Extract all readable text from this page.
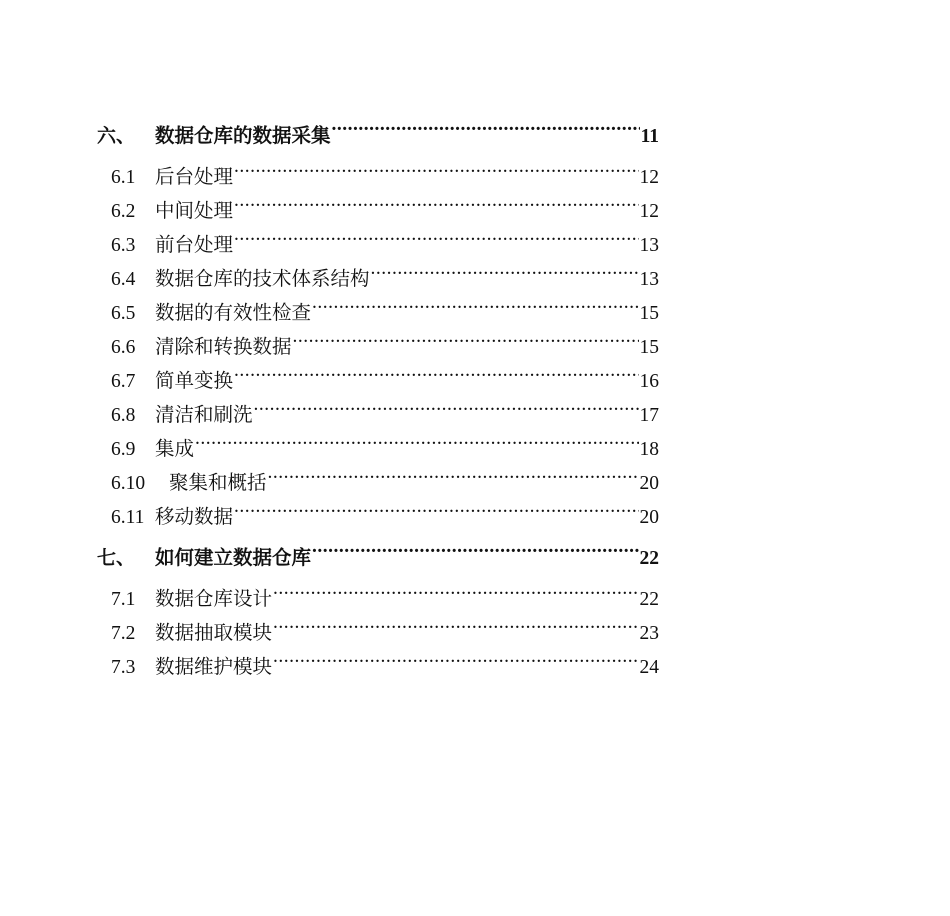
六、	数据仓库的数据采集 .....	11
6.1	后台处理 .....	12
6.2	中间处理 .....	12
6.3	前台处理 .....	13
6.4	数据仓库的技术体系结构 .....	13
6.5	数据的有效性检查 .....	15
6.6	清除和转换数据 .....	15
6.7	简单变换 .....	16
6.8	清洁和刷洗 .....	17
6.9	集成 .....	18
6.10	聚集和概括 .....	20
6.11 移动数据 .....	20
七、	如何建立数据仓库 .....	22
7.1	数据仓库设计 .....	22
7.2	数据抽取模块 .....	23
7.3	数据维护模块 .....	24
